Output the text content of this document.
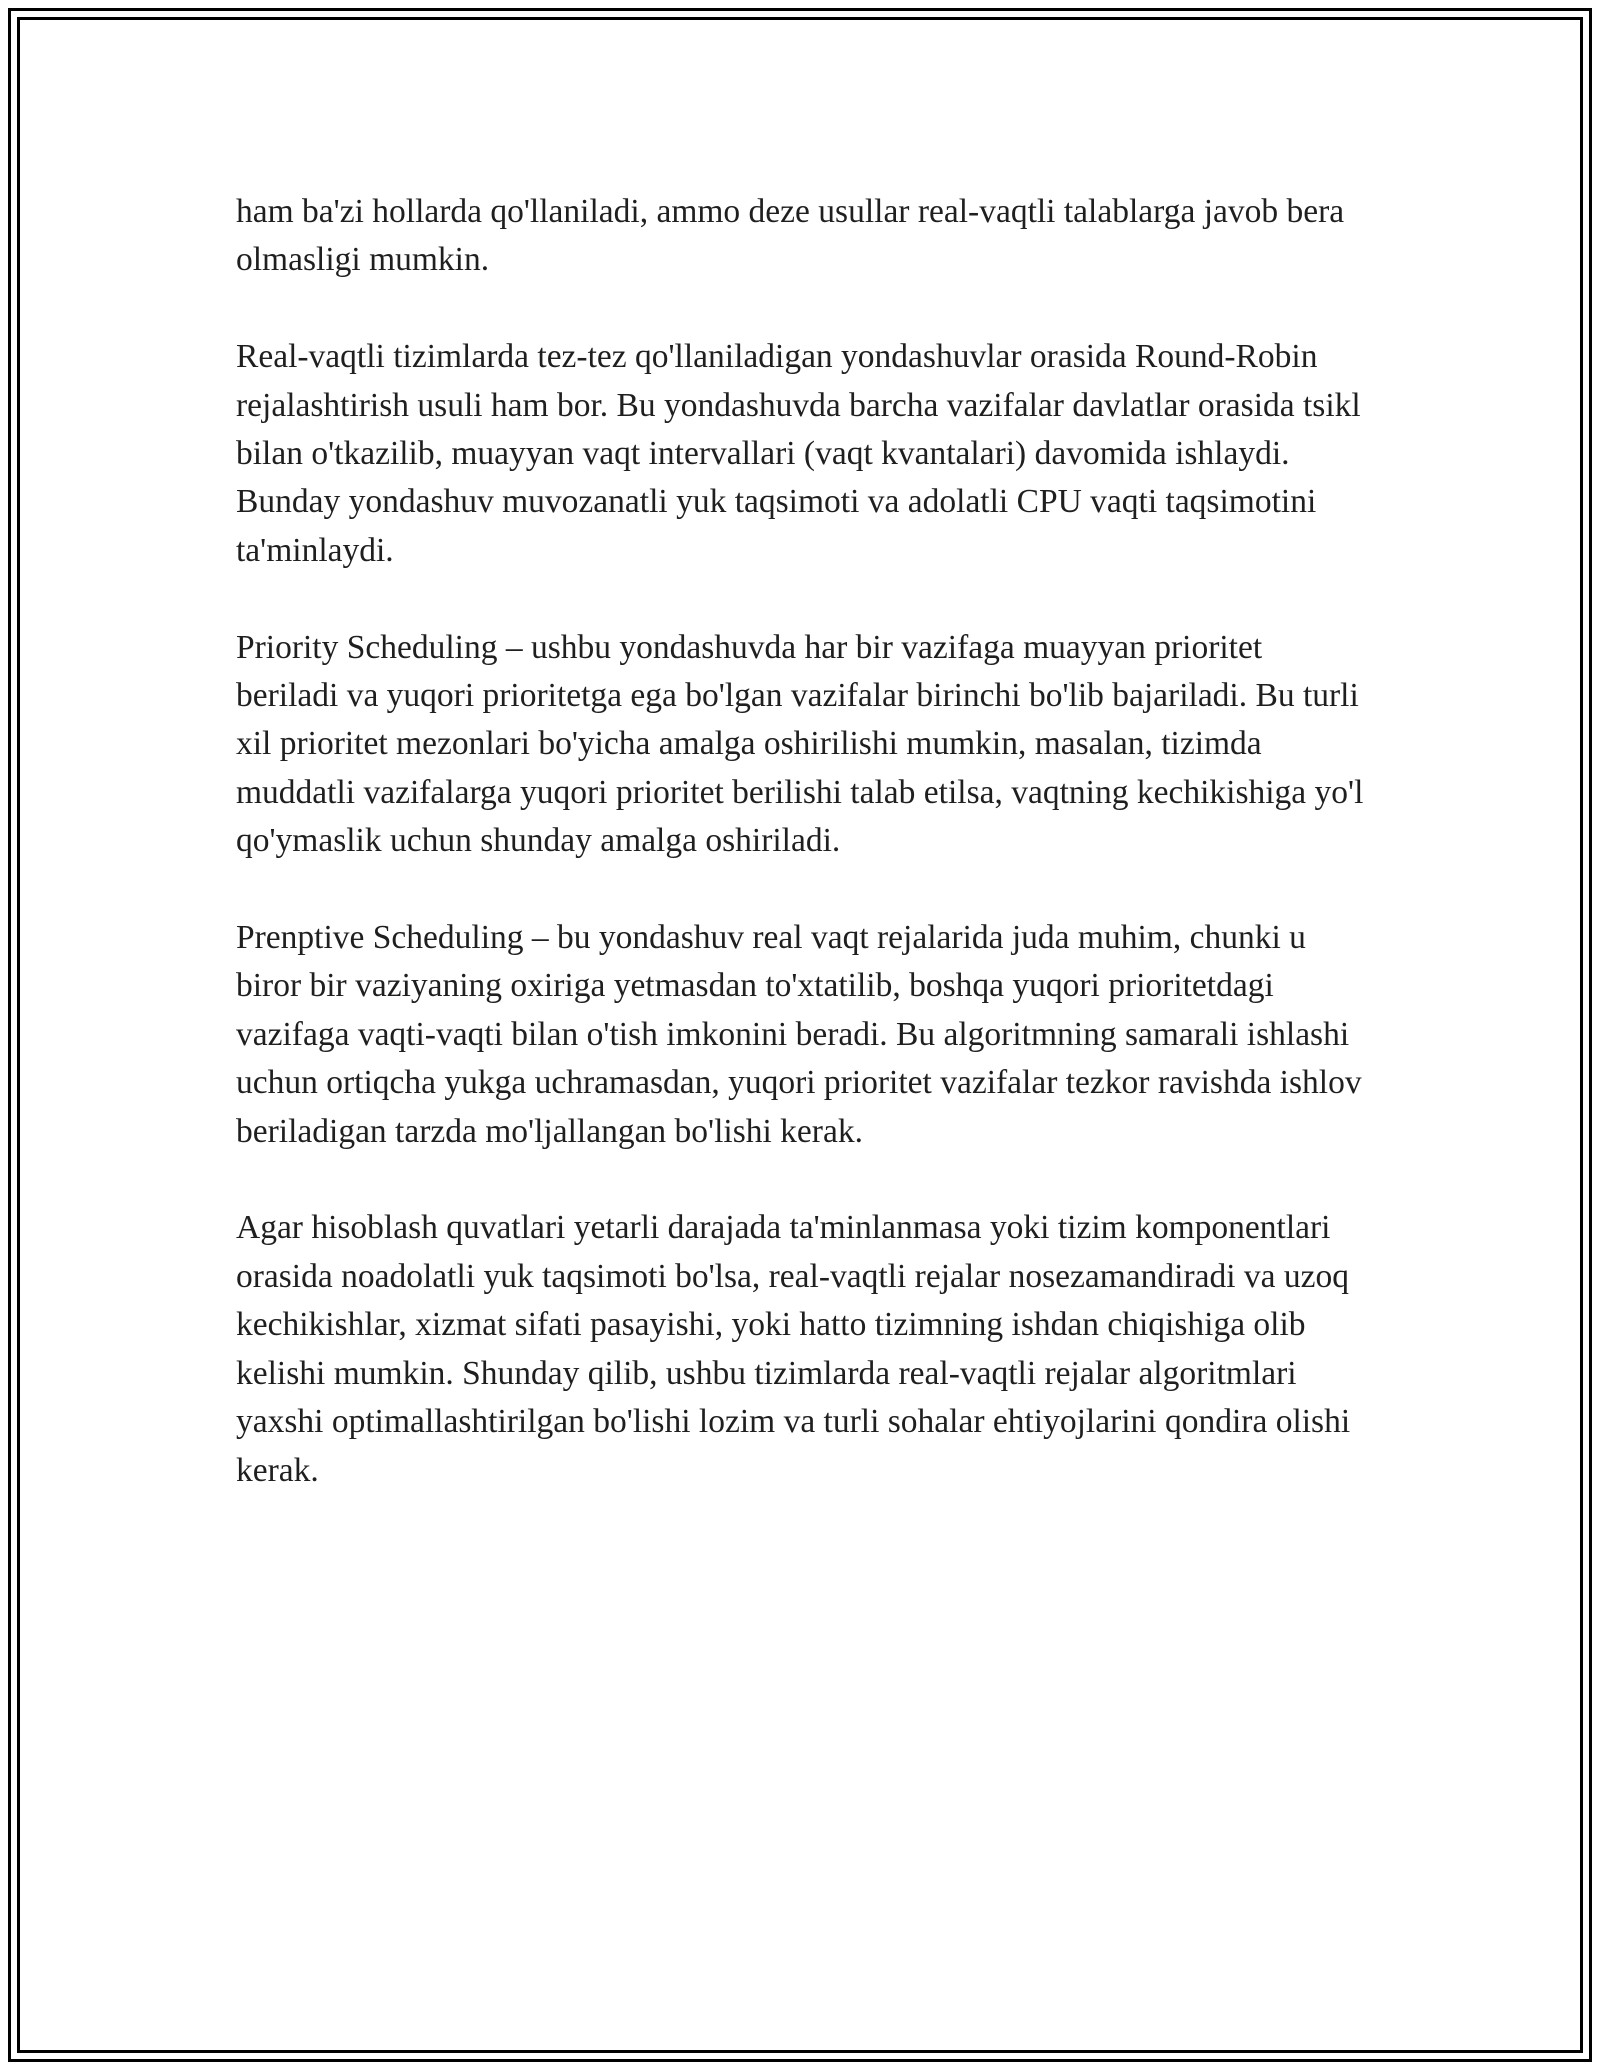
ham ba'zi hollarda qo'llaniladi, ammo deze usullar real-vaqtli talablarga javob bera olmasligi mumkin.

Real-vaqtli tizimlarda tez-tez qo'llaniladigan yondashuvlar orasida Round-Robin rejalashtirish usuli ham bor. Bu yondashuvda barcha vazifalar davlatlar orasida tsikl bilan o'tkazilib, muayyan vaqt intervallari (vaqt kvantalari) davomida ishlaydi. Bunday yondashuv muvozanatli yuk taqsimoti va adolatli CPU vaqti taqsimotini ta'minlaydi.

Priority Scheduling – ushbu yondashuvda har bir vazifaga muayyan prioritet beriladi va yuqori prioritetga ega bo'lgan vazifalar birinchi bo'lib bajariladi. Bu turli xil prioritet mezonlari bo'yicha amalga oshirilishi mumkin, masalan, tizimda muddatli vazifalarga yuqori prioritet berilishi talab etilsa, vaqtning kechikishiga yo'l qo'ymaslik uchun shunday amalga oshiriladi.

Prenptive Scheduling – bu yondashuv real vaqt rejalarida juda muhim, chunki u biror bir vaziyaning oxiriga yetmasdan to'xtatilib, boshqa yuqori prioritetdagi vazifaga vaqti-vaqti bilan o'tish imkonini beradi. Bu algoritmning samarali ishlashi uchun ortiqcha yukga uchramasdan, yuqori prioritet vazifalar tezkor ravishda ishlov beriladigan tarzda mo'ljallangan bo'lishi kerak.

Agar hisoblash quvatlari yetarli darajada ta'minlanmasa yoki tizim komponentlari orasida noadolatli yuk taqsimoti bo'lsa, real-vaqtli rejalar nosezamandiradi va uzoq kechikishlar, xizmat sifati pasayishi, yoki hatto tizimning ishdan chiqishiga olib kelishi mumkin. Shunday qilib, ushbu tizimlarda real-vaqtli rejalar algoritmlari yaxshi optimallashtirilgan bo'lishi lozim va turli sohalar ehtiyojlarini qondira olishi kerak.
